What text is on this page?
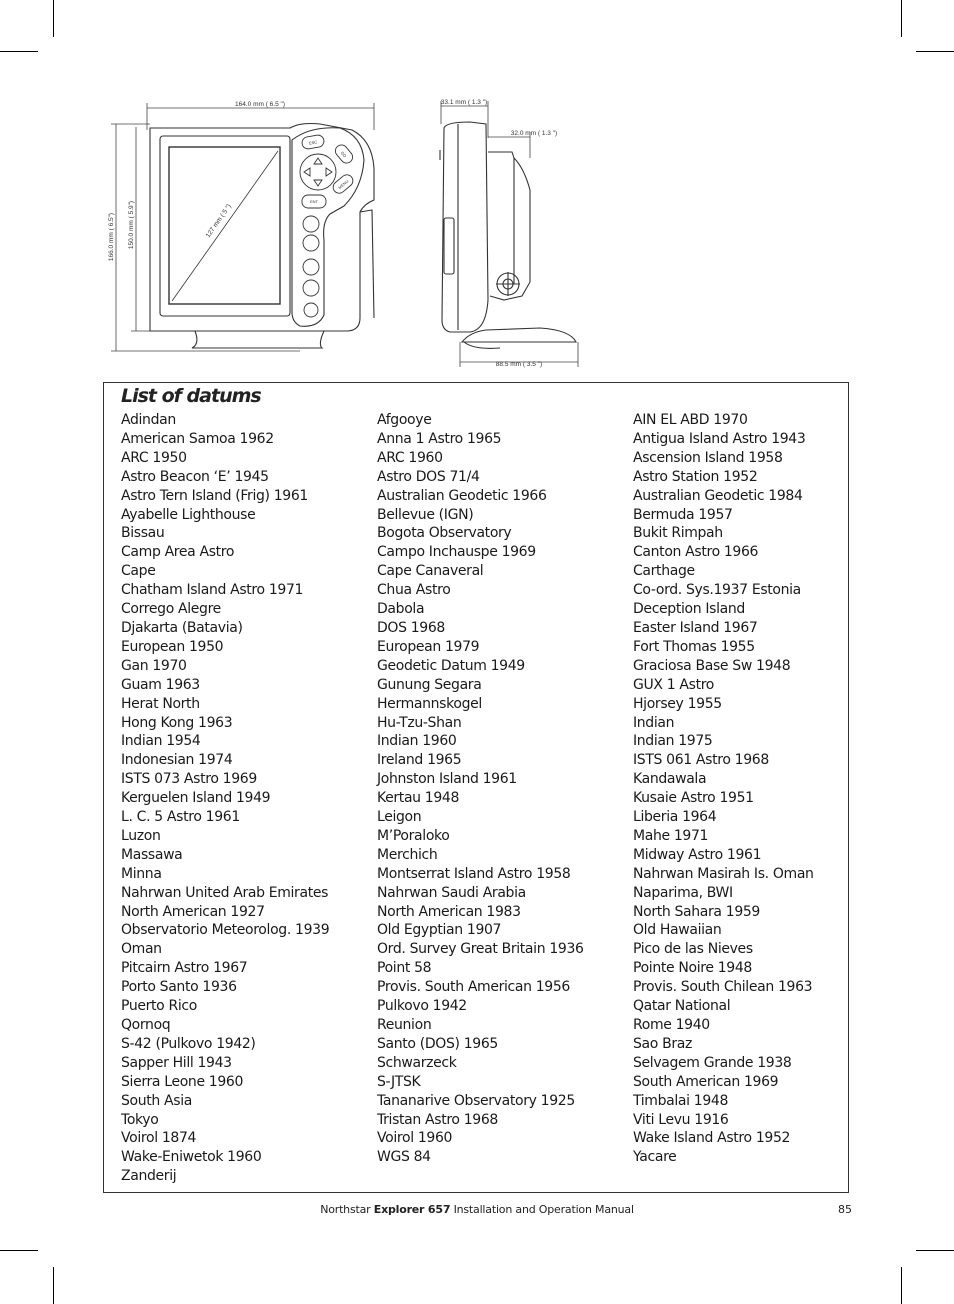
ESC
GO
MENU
ENT
164.0 mm ( 6.5 ")
166.0 mm ( 6.5") 150.0 mm ( 5.9")	127 mm ( 5 ")
33.1 mm ( 1.3 ")
32.0 mm ( 1.3 ")
88.5 mm ( 3.5 ")
List of datums
Adindan
American Samoa 1962
ARC 1950
Astro Beacon ‘E’ 1945
Astro Tern Island (Frig) 1961
Ayabelle Lighthouse
Bissau
Camp Area Astro
Cape
Chatham Island Astro 1971
Corrego Alegre
Djakarta (Batavia)
European 1950
Gan 1970
Guam 1963
Herat North
Hong Kong 1963
Indian 1954
Indonesian 1974
ISTS 073 Astro 1969
Kerguelen Island 1949
L. C. 5 Astro 1961
Luzon
Massawa
Minna
Nahrwan United Arab Emirates
North American 1927
Observatorio Meteorolog. 1939
Oman
Pitcairn Astro 1967
Porto Santo 1936
Puerto Rico
Qornoq
S-42 (Pulkovo 1942)
Sapper Hill 1943
Sierra Leone 1960
South Asia
Tokyo
Voirol 1874
Wake-Eniwetok 1960
Zanderij
Afgooye
Anna 1 Astro 1965
ARC 1960
Astro DOS 71/4
Australian Geodetic 1966
Bellevue (IGN)
Bogota Observatory
Campo Inchauspe 1969
Cape Canaveral
Chua Astro
Dabola
DOS 1968
European 1979
Geodetic Datum 1949
Gunung Segara
Hermannskogel
Hu-Tzu-Shan
Indian 1960
Ireland 1965
Johnston Island 1961
Kertau 1948
Leigon
M’Poraloko
Merchich
Montserrat Island Astro 1958
Nahrwan Saudi Arabia
North American 1983
Old Egyptian 1907
Ord. Survey Great Britain 1936
Point 58
Provis. South American 1956
Pulkovo 1942
Reunion
Santo (DOS) 1965
Schwarzeck
S-JTSK
Tananarive Observatory 1925
Tristan Astro 1968
Voirol 1960
WGS 84
AIN EL ABD 1970
Antigua Island Astro 1943
Ascension Island 1958
Astro Station 1952
Australian Geodetic 1984
Bermuda 1957
Bukit Rimpah
Canton Astro 1966
Carthage
Co-ord. Sys.1937 Estonia
Deception Island
Easter Island 1967
Fort Thomas 1955
Graciosa Base Sw 1948
GUX 1 Astro
Hjorsey 1955
Indian
Indian 1975
ISTS 061 Astro 1968
Kandawala
Kusaie Astro 1951
Liberia 1964
Mahe 1971
Midway Astro 1961
Nahrwan Masirah Is. Oman
Naparima, BWI
North Sahara 1959
Old Hawaiian
Pico de las Nieves
Pointe Noire 1948
Provis. South Chilean 1963
Qatar National
Rome 1940
Sao Braz
Selvagem Grande 1938
South American 1969
Timbalai 1948
Viti Levu 1916
Wake Island Astro 1952
Yacare
Northstar Explorer 657 Installation and Operation Manual	85
